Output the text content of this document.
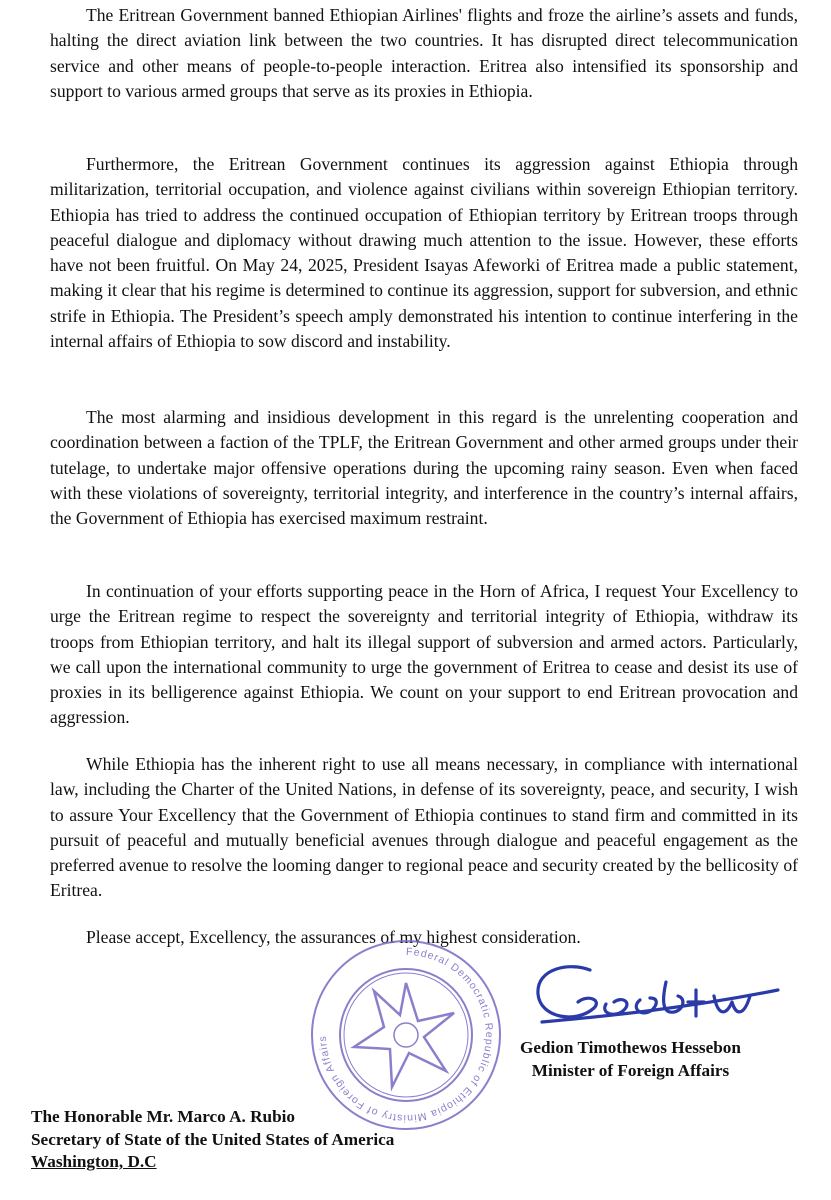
The Eritrean Government banned Ethiopian Airlines' flights and froze the airline’s assets and funds, halting the direct aviation link between the two countries. It has disrupted direct telecommunication service and other means of people-to-people interaction. Eritrea also intensified its sponsorship and support to various armed groups that serve as its proxies in Ethiopia.

Furthermore, the Eritrean Government continues its aggression against Ethiopia through militarization, territorial occupation, and violence against civilians within sovereign Ethiopian territory. Ethiopia has tried to address the continued occupation of Ethiopian territory by Eritrean troops through peaceful dialogue and diplomacy without drawing much attention to the issue. However, these efforts have not been fruitful. On May 24, 2025, President Isayas Afeworki of Eritrea made a public statement, making it clear that his regime is determined to continue its aggression, support for subversion, and ethnic strife in Ethiopia. The President’s speech amply demonstrated his intention to continue interfering in the internal affairs of Ethiopia to sow discord and instability.

The most alarming and insidious development in this regard is the unrelenting cooperation and coordination between a faction of the TPLF, the Eritrean Government and other armed groups under their tutelage, to undertake major offensive operations during the upcoming rainy season. Even when faced with these violations of sovereignty, territorial integrity, and interference in the country’s internal affairs, the Government of Ethiopia has exercised maximum restraint.

In continuation of your efforts supporting peace in the Horn of Africa, I request Your Excellency to urge the Eritrean regime to respect the sovereignty and territorial integrity of Ethiopia, withdraw its troops from Ethiopian territory, and halt its illegal support of subversion and armed actors. Particularly, we call upon the international community to urge the government of Eritrea to cease and desist its use of proxies in its belligerence against Ethiopia. We count on your support to end Eritrean provocation and aggression.

While Ethiopia has the inherent right to use all means necessary, in compliance with international law, including the Charter of the United Nations, in defense of its sovereignty, peace, and security, I wish to assure Your Excellency that the Government of Ethiopia continues to stand firm and committed in its pursuit of peaceful and mutually beneficial avenues through dialogue and peaceful engagement as the preferred avenue to resolve the looming danger to regional peace and security created by the bellicosity of Eritrea.

Please accept, Excellency, the assurances of my highest consideration.

Federal Democratic Republic of Ethiopia Ministry of Foreign Affairs	Gedion Timothewos Hessebon
Minister of Foreign Affairs
The Honorable Mr. Marco A. Rubio
Secretary of State of the United States of America
Washington, D.C
